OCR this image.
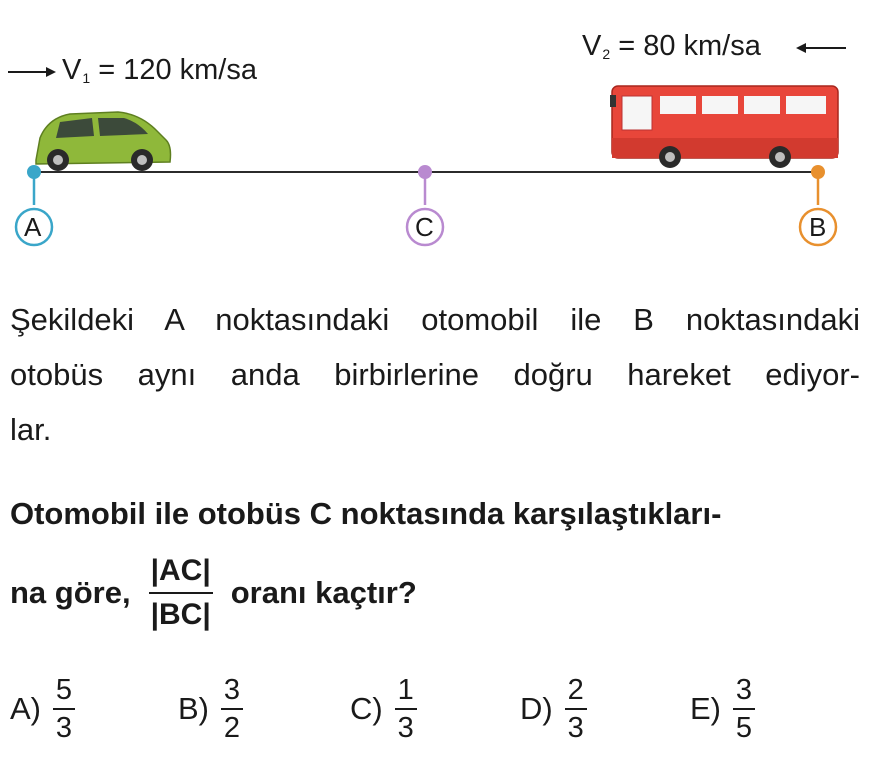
$V_1 = 120$ km/sa
$V_2 = 80$ km/sa
A	C	B
Şekildeki A noktasındaki otomobil ile B noktasındaki
otobüs aynı anda birbirlerine doğru hareket ediyor-
lar.
Otomobil ile otobüs C noktasında karşılaştıkları-
na göre, $\frac{|AC|}{|BC|}$ oranı kaçtır?
$A) \frac{5}{3}$	$B) \frac{3}{2}$	$C) \frac{1}{3}$	$D) \frac{2}{3}$	$E) \frac{3}{5}$
